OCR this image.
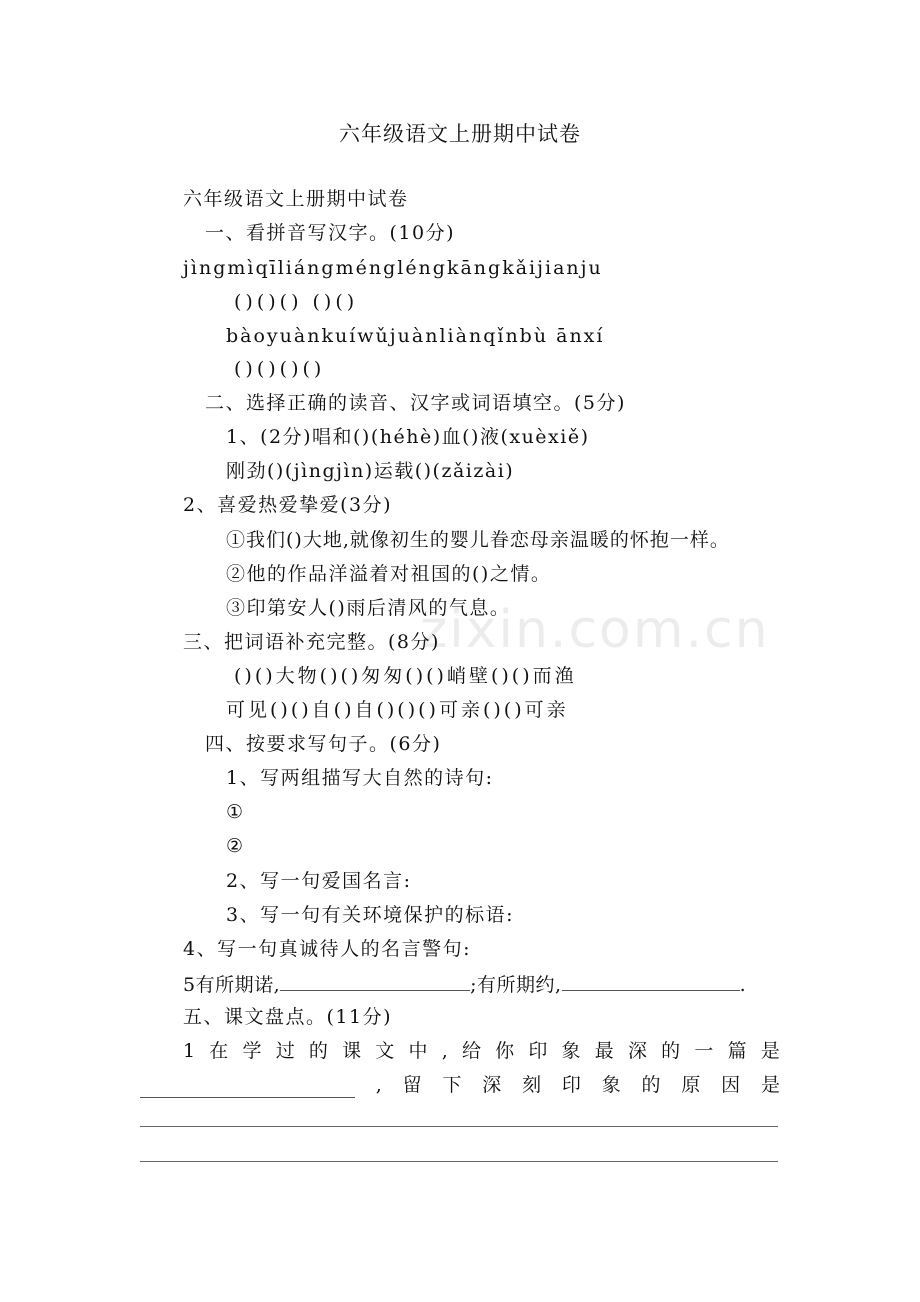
六年级语文上册期中试卷
六年级语文上册期中试卷
一、看拼音写汉字。(10分)
jìngmìqīliángméngléngkāngkǎijianju
()()() ()()
bàoyuànkuíwǔjuànliànqǐnbù ānxí
()()()()
二、选择正确的读音、汉字或词语填空。(5分)
1、(2分)唱和()(héhè)血()液(xuèxiě)
刚劲()(jìngjìn)运载()(zǎizài)
2、喜爱热爱挚爱(3分)
①我们()大地,就像初生的婴儿眷恋母亲温暖的怀抱一样。
②他的作品洋溢着对祖国的()之情。
③印第安人()雨后清风的气息。
三、把词语补充完整。(8分)
()()大物()()匆匆()()峭壁()()而渔
可见()()自()自()()()可亲()()可亲
四、按要求写句子。(6分)
1、写两组描写大自然的诗句:
①
②
2、写一句爱国名言:
3、写一句有关环境保护的标语:
4、写一句真诚待人的名言警句:
5有所期诺,	;有所期约,	.
五、课文盘点。(11分)
1 在 学 过 的 课 文 中 , 给 你 印 象 最 深 的 一 篇 是
, 留 下 深 刻 印 象 的 原 因 是
zixin.com.cn
